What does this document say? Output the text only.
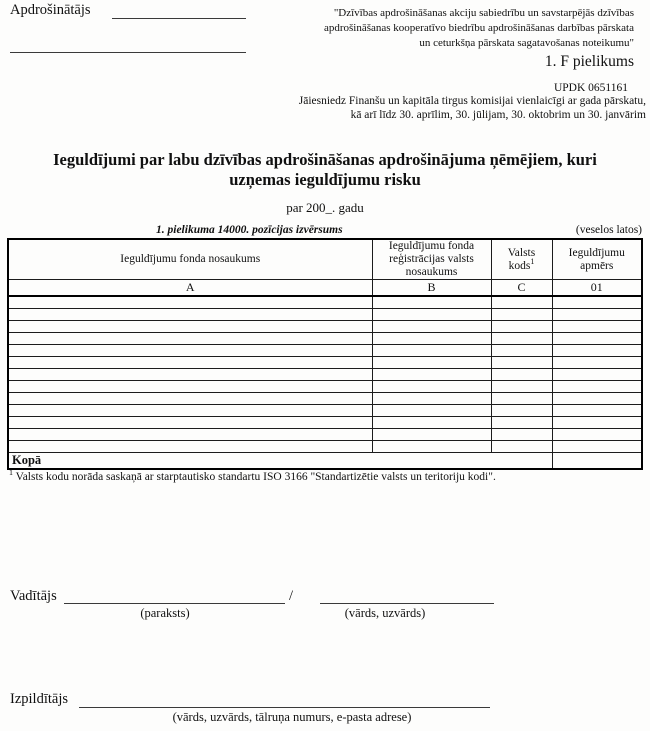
Apdrošinātājs	"Dzīvības apdrošināšanas akciju sabiedrību un savstarpējās dzīvības
apdrošināšanas kooperatīvo biedrību apdrošināšanas darbības pārskata
un ceturkšņa pārskata sagatavošanas noteikumu"
1. F pielikums
UPDK 0651161
Jāiesniedz Finanšu un kapitāla tirgus komisijai vienlaicīgi ar gada pārskatu,
kā arī līdz 30. aprīlim, 30. jūlijam, 30. oktobrim un 30. janvārim
Ieguldījumi par labu dzīvības apdrošināšanas apdrošinājuma ņēmējiem, kuri
uzņemas ieguldījumu risku
par 200_. gadu
1. pielikuma 14000. pozīcijas izvērsums	(veselos latos)
Ieguldījumu fonda nosaukums	Ieguldījumu fonda reģistrācijas valsts nosaukums	Valsts kods$^1$	Ieguldījumu apmērs
A	B	C	01

Kopā			
$^1$ Valsts kodu norāda saskaņā ar starptautisko standartu ISO 3166 "Standartizētie valsts un teritoriju kodi".
Vadītājs	/
(paraksts)	(vārds, uzvārds)
Izpildītājs
(vārds, uzvārds, tālruņa numurs, e-pasta adrese)
